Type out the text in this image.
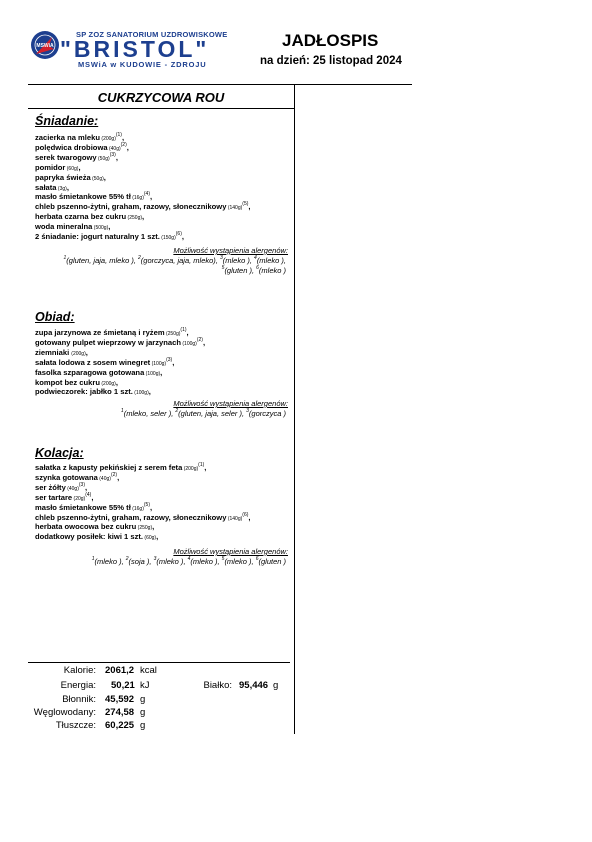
MSWiA
SP ZOZ SANATORIUM UZDROWISKOWE
"BRISTOL"
MSWiA w KUDOWIE - ZDROJU
JADŁOSPIS
na dzień: 25 listopad 2024
CUKRZYCOWA ROU
Śniadanie:
zacierka na mleku $(200g)^{(1)}$,
polędwica drobiowa $(40g)^{(2)}$,
serek twarogowy $(50g)^{(3)}$,
pomidor (60g),
papryka świeża (50g),
sałata (3g),
masło śmietankowe 55% tł $(16g)^{(4)}$,
chleb pszenno-żytni, graham, razowy, słonecznikowy $(140g)^{(5)}$,
herbata czarna bez cukru (250g),
woda mineralna (500g),
2 śniadanie: jogurt naturalny 1 szt. $(150g)^{(6)}$,
Możliwość wystąpienia alergenów:
$^1$(gluten, jaja, mleko ), $^2$(gorczyca, jaja, mleko), $^3$(mleko ), $^4$(mleko ), $^5$(gluten ), $^6$(mleko )
Obiad:
zupa jarzynowa ze śmietaną i ryżem $(250g)^{(1)}$,
gotowany pulpet wieprzowy w jarzynach $(100g)^{(2)}$,
ziemniaki (200g),
sałata lodowa z sosem winegret $(100g)^{(3)}$,
fasolka szparagowa gotowana (100g),
kompot bez cukru (200g),
podwieczorek: jabłko 1 szt. (100g),
Możliwość wystąpienia alergenów:
$^1$(mleko, seler ), $^2$(gluten, jaja, seler ), $^3$(gorczyca )
Kolacja:
sałatka z kapusty pekińskiej z serem feta $(200g)^{(1)}$,
szynka gotowana $(40g)^{(2)}$,
ser żółty $(40g)^{(3)}$,
ser tartare $(20g)^{(4)}$,
masło śmietankowe 55% tł $(16g)^{(5)}$,
chleb pszenno-żytni, graham, razowy, słonecznikowy $(140g)^{(6)}$,
herbata owocowa bez cukru (250g),
dodatkowy posiłek: kiwi 1 szt. (60g),
Możliwość wystąpienia alergenów:
$^1$(mleko ), $^2$(soja ), $^3$(mleko ), $^4$(mleko ), $^5$(mleko ), $^6$(gluten )
Kalorie: 2061,2 kcal
Energia: 50,21 kJ	Białko: 95,446 g
Błonnik: 45,592 g
Węglowodany: 274,58 g
Tłuszcze: 60,225 g
